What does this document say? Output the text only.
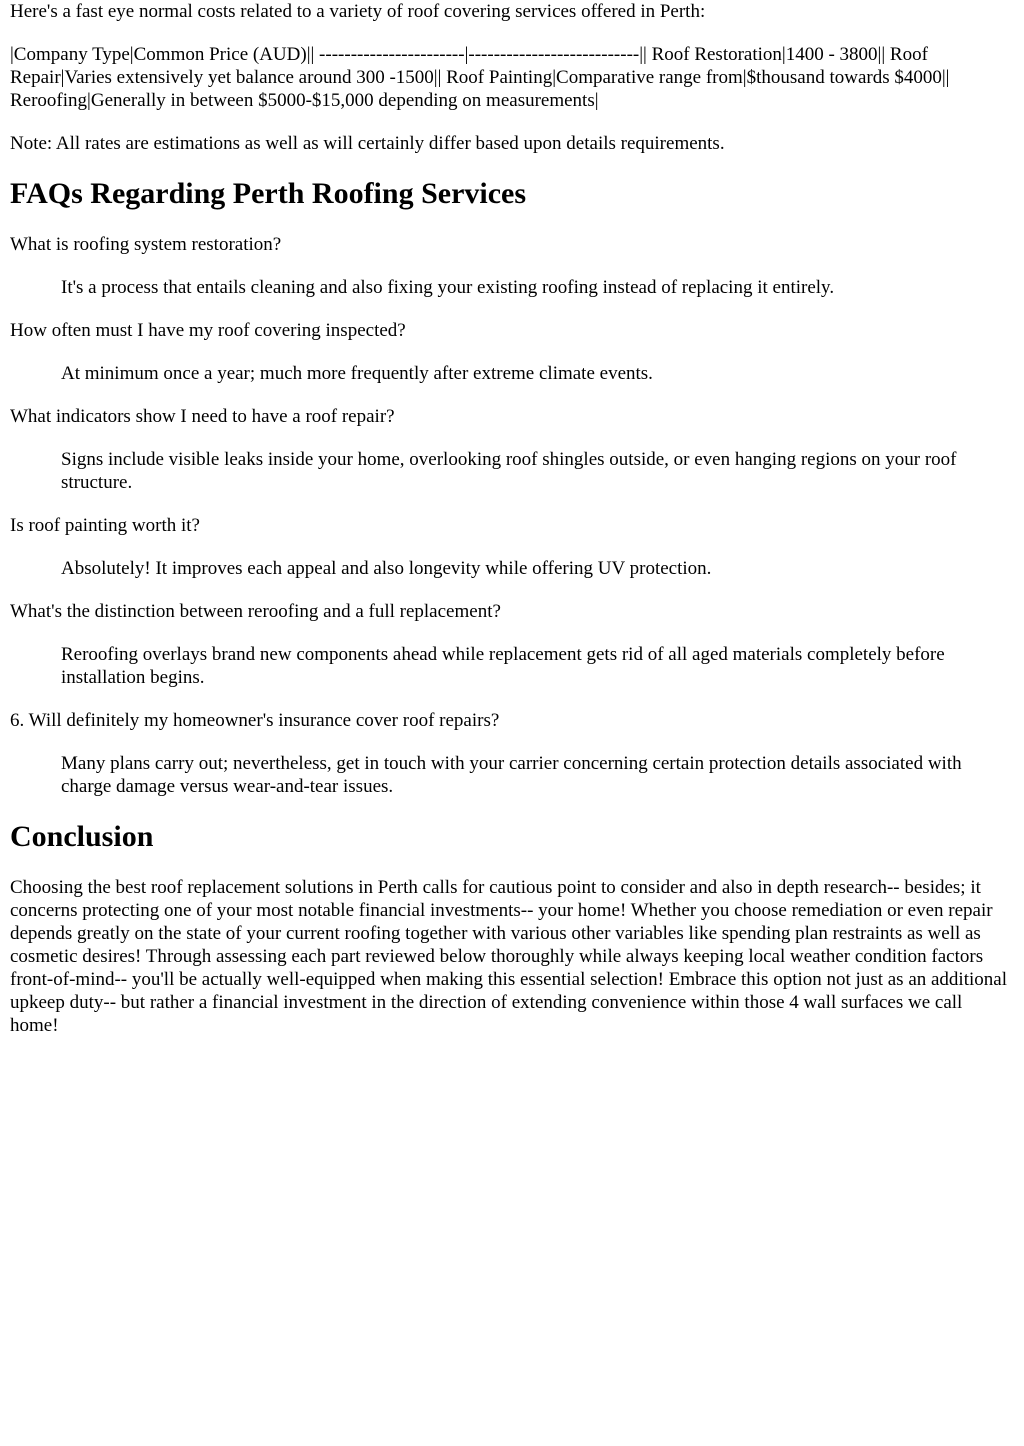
Here's a fast eye normal costs related to a variety of roof covering services offered in Perth:

|Company Type|Common Price (AUD)|| -----------------------|---------------------------|| Roof Restoration|1400 - 3800|| Roof Repair|Varies extensively yet balance around 300 -1500|| Roof Painting|Comparative range from|$thousand towards $4000|| Reroofing|Generally in between $5000-$15,000 depending on measurements|

Note: All rates are estimations as well as will certainly differ based upon details requirements.

FAQs Regarding Perth Roofing Services
What is roofing system restoration?
It's a process that entails cleaning and also fixing your existing roofing instead of replacing it entirely.
How often must I have my roof covering inspected?
At minimum once a year; much more frequently after extreme climate events.
What indicators show I need to have a roof repair?
Signs include visible leaks inside your home, overlooking roof shingles outside, or even hanging regions on your roof structure.
Is roof painting worth it?
Absolutely! It improves each appeal and also longevity while offering UV protection.
What's the distinction between reroofing and a full replacement?
Reroofing overlays brand new components ahead while replacement gets rid of all aged materials completely before installation begins.
6. Will definitely my homeowner's insurance cover roof repairs?
Many plans carry out; nevertheless, get in touch with your carrier concerning certain protection details associated with charge damage versus wear-and-tear issues.
Conclusion

Choosing the best roof replacement solutions in Perth calls for cautious point to consider and also in depth research-- besides; it concerns protecting one of your most notable financial investments-- your home! Whether you choose remediation or even repair depends greatly on the state of your current roofing together with various other variables like spending plan restraints as well as cosmetic desires! Through assessing each part reviewed below thoroughly while always keeping local weather condition factors front-of-mind-- you'll be actually well-equipped when making this essential selection! Embrace this option not just as an additional upkeep duty-- but rather a financial investment in the direction of extending convenience within those 4 wall surfaces we call home!
